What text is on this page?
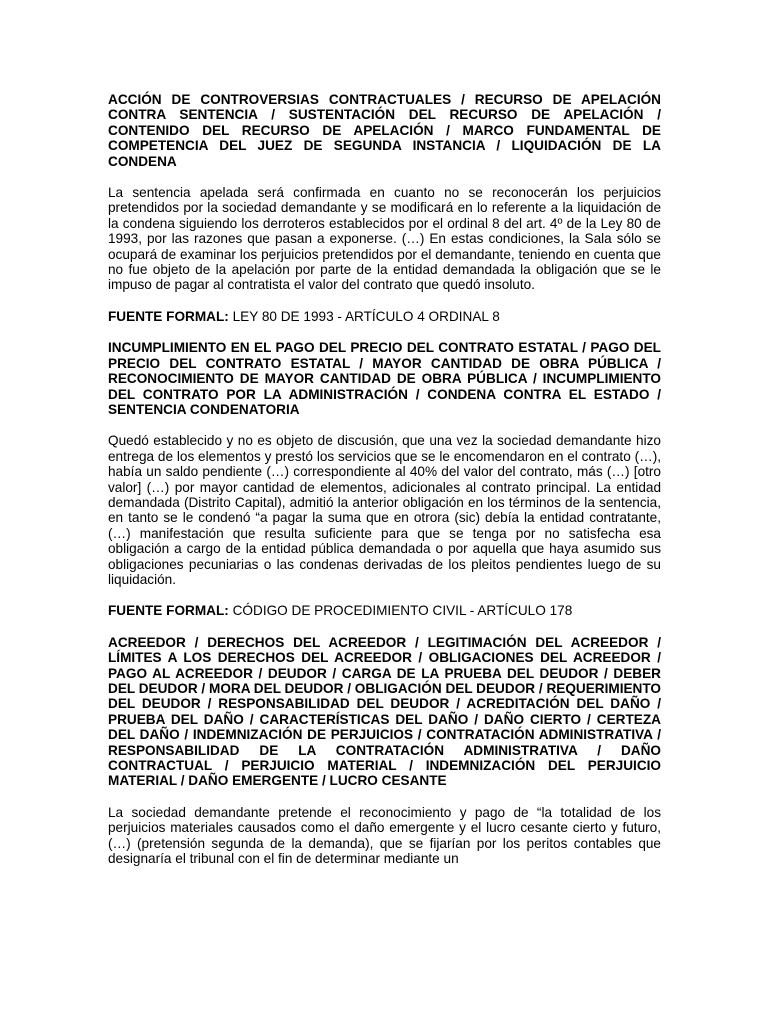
ACCIÓN DE CONTROVERSIAS CONTRACTUALES / RECURSO DE APELACIÓN CONTRA SENTENCIA / SUSTENTACIÓN DEL RECURSO DE APELACIÓN / CONTENIDO DEL RECURSO DE APELACIÓN / MARCO FUNDAMENTAL DE COMPETENCIA DEL JUEZ DE SEGUNDA INSTANCIA / LIQUIDACIÓN DE LA CONDENA

La sentencia apelada será confirmada en cuanto no se reconocerán los perjuicios pretendidos por la sociedad demandante y se modificará en lo referente a la liquidación de la condena siguiendo los derroteros establecidos por el ordinal 8 del art. 4º de la Ley 80 de 1993, por las razones que pasan a exponerse. (…) En estas condiciones, la Sala sólo se ocupará de examinar los perjuicios pretendidos por el demandante, teniendo en cuenta que no fue objeto de la apelación por parte de la entidad demandada la obligación que se le impuso de pagar al contratista el valor del contrato que quedó insoluto.

FUENTE FORMAL: LEY 80 DE 1993 - ARTÍCULO 4 ORDINAL 8

INCUMPLIMIENTO EN EL PAGO DEL PRECIO DEL CONTRATO ESTATAL / PAGO DEL PRECIO DEL CONTRATO ESTATAL / MAYOR CANTIDAD DE OBRA PÚBLICA / RECONOCIMIENTO DE MAYOR CANTIDAD DE OBRA PÚBLICA / INCUMPLIMIENTO DEL CONTRATO POR LA ADMINISTRACIÓN / CONDENA CONTRA EL ESTADO / SENTENCIA CONDENATORIA

Quedó establecido y no es objeto de discusión, que una vez la sociedad demandante hizo entrega de los elementos y prestó los servicios que se le encomendaron en el contrato (…), había un saldo pendiente (…) correspondiente al 40% del valor del contrato, más (…) [otro valor] (…) por mayor cantidad de elementos, adicionales al contrato principal. La entidad demandada (Distrito Capital), admitió la anterior obligación en los términos de la sentencia, en tanto se le condenó “a pagar la suma que en otrora (sic) debía la entidad contratante, (…) manifestación que resulta suficiente para que se tenga por no satisfecha esa obligación a cargo de la entidad pública demandada o por aquella que haya asumido sus obligaciones pecuniarias o las condenas derivadas de los pleitos pendientes luego de su liquidación.

FUENTE FORMAL: CÓDIGO DE PROCEDIMIENTO CIVIL - ARTÍCULO 178

ACREEDOR / DERECHOS DEL ACREEDOR / LEGITIMACIÓN DEL ACREEDOR / LÍMITES A LOS DERECHOS DEL ACREEDOR / OBLIGACIONES DEL ACREEDOR / PAGO AL ACREEDOR / DEUDOR / CARGA DE LA PRUEBA DEL DEUDOR / DEBER DEL DEUDOR / MORA DEL DEUDOR / OBLIGACIÓN DEL DEUDOR / REQUERIMIENTO DEL DEUDOR / RESPONSABILIDAD DEL DEUDOR / ACREDITACIÓN DEL DAÑO / PRUEBA DEL DAÑO / CARACTERÍSTICAS DEL DAÑO / DAÑO CIERTO / CERTEZA DEL DAÑO / INDEMNIZACIÓN DE PERJUICIOS / CONTRATACIÓN ADMINISTRATIVA / RESPONSABILIDAD DE LA CONTRATACIÓN ADMINISTRATIVA / DAÑO CONTRACTUAL / PERJUICIO MATERIAL / INDEMNIZACIÓN DEL PERJUICIO MATERIAL / DAÑO EMERGENTE / LUCRO CESANTE

La sociedad demandante pretende el reconocimiento y pago de “la totalidad de los perjuicios materiales causados como el daño emergente y el lucro cesante cierto y futuro, (…) (pretensión segunda de la demanda), que se fijarían por los peritos contables que designaría el tribunal con el fin de determinar mediante un
